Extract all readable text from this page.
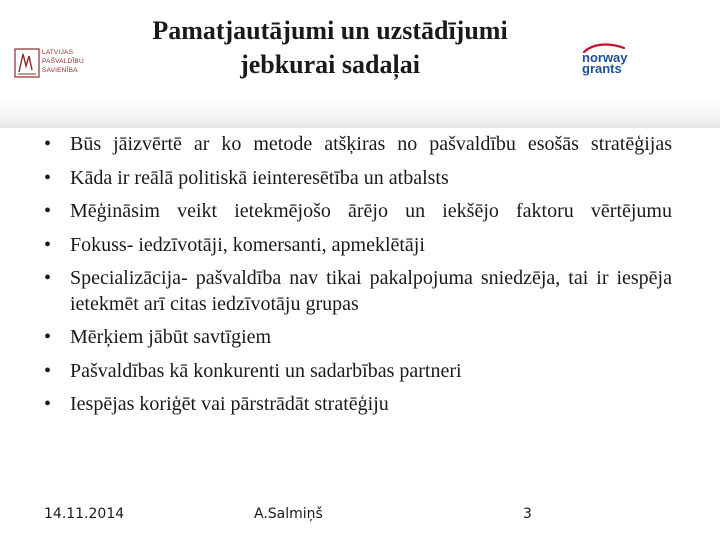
Pamatjautājumi un uzstādījumi
jebkurai sadaļai
LATVIJAS
PAŠVALDĪBU
SAVIENĪBA
norway
grants
• Būs jāizvērtē ar ko metode atšķiras no pašvaldību esošās stratēģijas
• Kāda ir reālā politiskā ieinteresētība un atbalsts
• Mēģināsim veikt ietekmējošo ārējo un iekšējo faktoru vērtējumu
• Fokuss- iedzīvotāji, komersanti, apmeklētāji
• Specializācija- pašvaldība nav tikai pakalpojuma sniedzēja, tai ir iespēja ietekmēt arī citas iedzīvotāju grupas
• Mērķiem jābūt savtīgiem
• Pašvaldības kā konkurenti un sadarbības partneri
• Iespējas koriģēt vai pārstrādāt stratēģiju
14.11.2014	A.Salmiņš	3
